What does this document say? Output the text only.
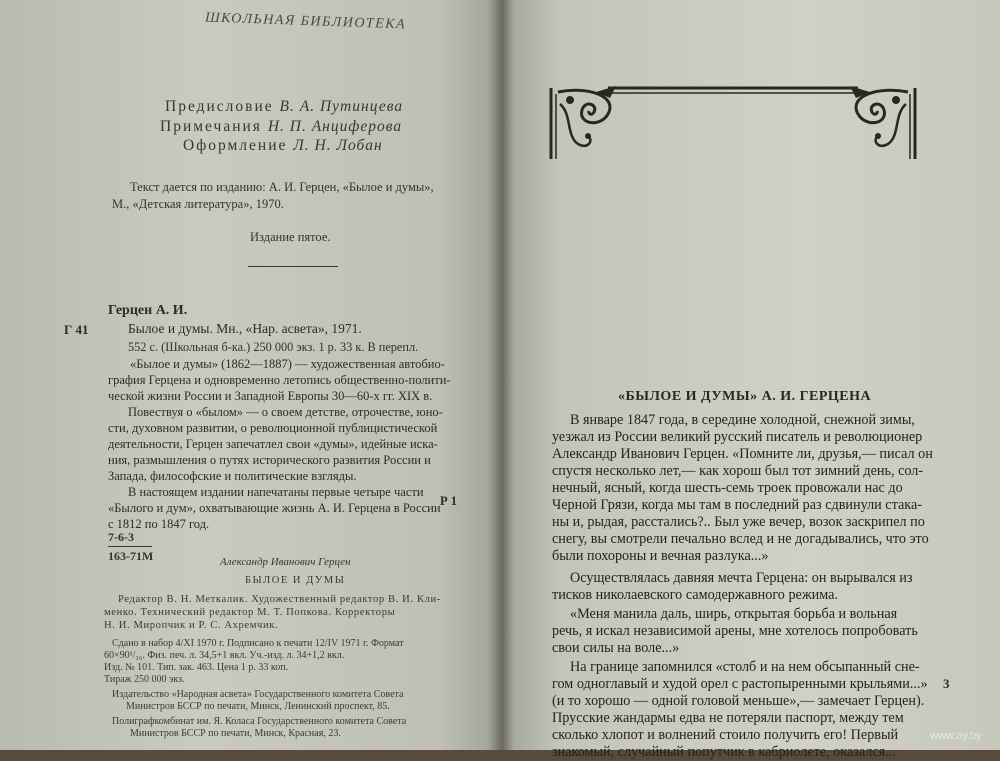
ШКОЛЬНАЯ БИБЛИОТЕКА
Предисловие В. А. Путинцева
Примечания Н. П. Анциферова
Оформление Л. Н. Лобан
Текст дается по изданию: А. И. Герцен, «Былое и думы»,
М., «Детская литература», 1970.
Издание пятое.
Герцен А. И.
Г 41	Былое и думы. Мн., «Нар. асвета», 1971.
552 с. (Школьная б-ка.) 250 000 экз. 1 р. 33 к. В перепл.
«Былое и думы» (1862—1887) — художественная автобио-
графия Герцена и одновременно летопись общественно-полити-
ческой жизни России и Западной Европы 30—60-х гг. XIX в.
Повествуя о «былом» — о своем детстве, отрочестве, юно-
сти, духовном развитии, о революционной публицистической
деятельности, Герцен запечатлел свои «думы», идейные иска-
ния, размышления о путях исторического развития России и
Запада, философские и политические взгляды.
В настоящем издании напечатаны первые четыре части
«Былого и дум», охватывающие жизнь А. И. Герцена в России
с 1812 по 1847 год.
Р 1
7-6-3
163-71М	Александр Иванович Герцен
БЫЛОЕ И ДУМЫ
Редактор В. Н. Меткалик. Художественный редактор В. И. Кли-
менко. Технический редактор М. Т. Попкова. Корректоры
Н. И. Миропчик и Р. С. Ахремчик.
Сдано в набор 4/XI 1970 г. Подписано к печати 12/IV 1971 г. Формат
60×90¹/₁₆. Физ. печ. л. 34,5+1 вкл. Уч.-изд. л. 34+1,2 вкл.
Изд. № 101. Тип. зак. 463. Цена 1 р. 33 коп.
Тираж 250 000 экз.
Издательство «Народная асвета» Государственного комитета Совета
Министров БССР по печати, Минск, Ленинский проспект, 85.
Полиграфкомбинат им. Я. Коласа Государственного комитета Совета
Министров БССР по печати, Минск, Красная, 23.
«БЫЛОЕ И ДУМЫ» А. И. ГЕРЦЕНА
В январе 1847 года, в середине холодной, снежной зимы,
уезжал из России великий русский писатель и революционер
Александр Иванович Герцен. «Помните ли, друзья,— писал он
спустя несколько лет,— как хорош был тот зимний день, сол-
нечный, ясный, когда шесть-семь троек провожали нас до
Черной Грязи, когда мы там в последний раз сдвинули стака-
ны и, рыдая, расстались?.. Был уже вечер, возок заскрипел по
снегу, вы смотрели печально вслед и не догадывались, что это
были похороны и вечная разлука...»
Осуществлялась давняя мечта Герцена: он вырывался из
тисков николаевского самодержавного режима.
«Меня манила даль, ширь, открытая борьба и вольная
речь, я искал независимой арены, мне хотелось попробовать
свои силы на воле...»
На границе запомнился «столб и на нем обсыпанный сне-
гом одноглавый и худой орел с растопыренными крыльями...»
(и то хорошо — одной головой меньше»,— замечает Герцен).
Прусские жандармы едва не потеряли паспорт, между тем
сколько хлопот и волнений стоило получить его! Первый
знакомый, случайный попутчик в кабриолете, оказался...
3
www.ay.by
